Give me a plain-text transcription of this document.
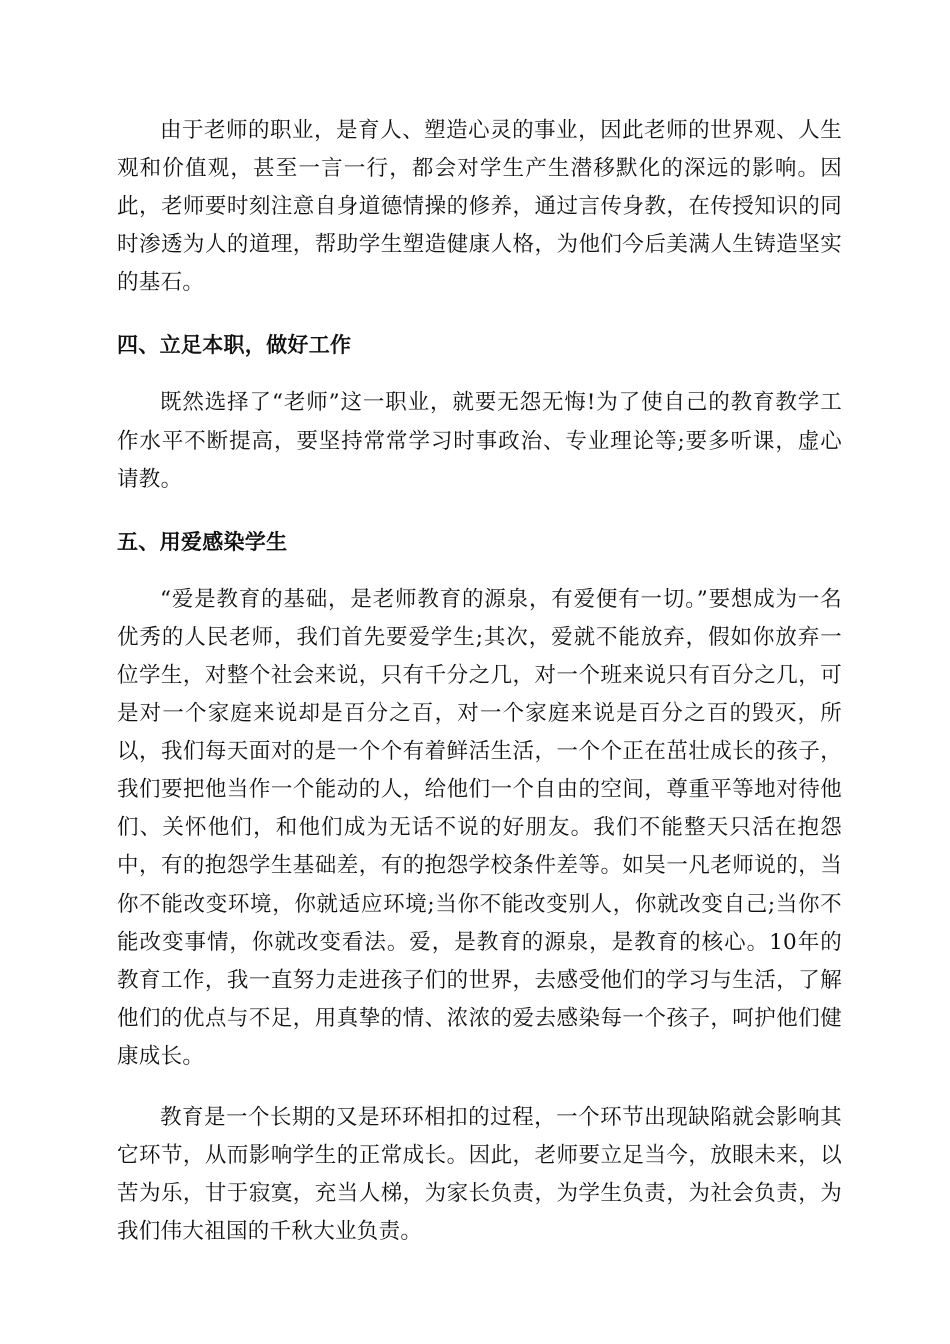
由于老师的职业，是育人、塑造心灵的事业，因此老师的世界观、人生观和价值观，甚至一言一行，都会对学生产生潜移默化的深远的影响。因此，老师要时刻注意自身道德情操的修养，通过言传身教，在传授知识的同时渗透为人的道理，帮助学生塑造健康人格，为他们今后美满人生铸造坚实的基石。

四、立足本职，做好工作

既然选择了“老师”这一职业，就要无怨无悔!为了使自己的教育教学工作水平不断提高，要坚持常常学习时事政治、专业理论等;要多听课，虚心请教。

五、用爱感染学生

“爱是教育的基础，是老师教育的源泉，有爱便有一切。”要想成为一名优秀的人民老师，我们首先要爱学生;其次，爱就不能放弃，假如你放弃一位学生，对整个社会来说，只有千分之几，对一个班来说只有百分之几，可是对一个家庭来说却是百分之百，对一个家庭来说是百分之百的毁灭，所以，我们每天面对的是一个个有着鲜活生活，一个个正在茁壮成长的孩子，我们要把他当作一个能动的人，给他们一个自由的空间，尊重平等地对待他们、关怀他们，和他们成为无话不说的好朋友。我们不能整天只活在抱怨中，有的抱怨学生基础差，有的抱怨学校条件差等。如吴一凡老师说的，当你不能改变环境，你就适应环境;当你不能改变别人，你就改变自己;当你不能改变事情，你就改变看法。爱，是教育的源泉，是教育的核心。10年的教育工作，我一直努力走进孩子们的世界，去感受他们的学习与生活，了解他们的优点与不足，用真挚的情、浓浓的爱去感染每一个孩子，呵护他们健康成长。

教育是一个长期的又是环环相扣的过程，一个环节出现缺陷就会影响其它环节，从而影响学生的正常成长。因此，老师要立足当今，放眼未来，以苦为乐，甘于寂寞，充当人梯，为家长负责，为学生负责，为社会负责，为我们伟大祖国的千秋大业负责。
